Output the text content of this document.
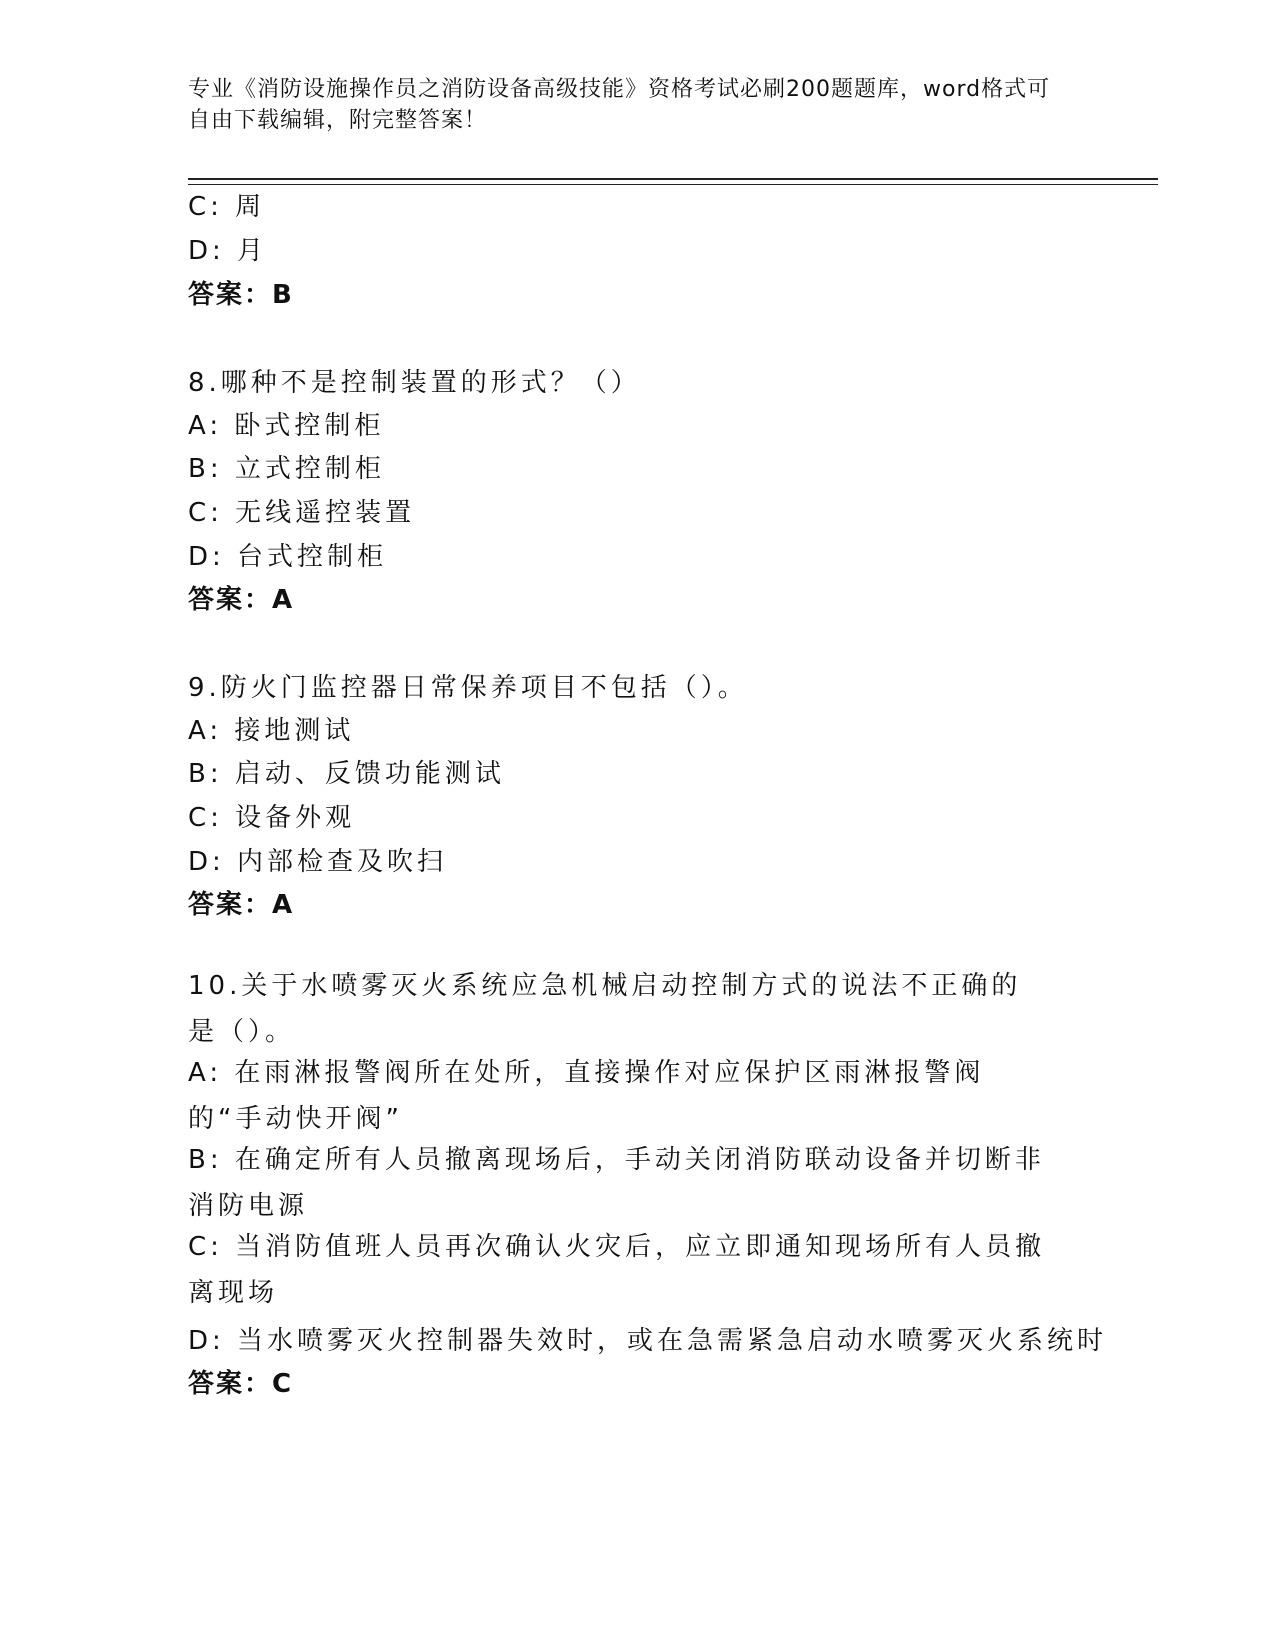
专业《消防设施操作员之消防设备高级技能》资格考试必刷200题题库，word格式可自由下载编辑，附完整答案！
C: 周
D: 月
答案：B
8.哪种不是控制装置的形式？（）
A: 卧式控制柜
B: 立式控制柜
C: 无线遥控装置
D: 台式控制柜
答案：A
9.防火门监控器日常保养项目不包括（）。
A: 接地测试
B: 启动、反馈功能测试
C: 设备外观
D: 内部检查及吹扫
答案：A
10.关于水喷雾灭火系统应急机械启动控制方式的说法不正确的是（）。
A: 在雨淋报警阀所在处所，直接操作对应保护区雨淋报警阀的“手动快开阀”
B: 在确定所有人员撤离现场后，手动关闭消防联动设备并切断非消防电源
C: 当消防值班人员再次确认火灾后，应立即通知现场所有人员撤离现场
D: 当水喷雾灭火控制器失效时，或在急需紧急启动水喷雾灭火系统时
答案：C
